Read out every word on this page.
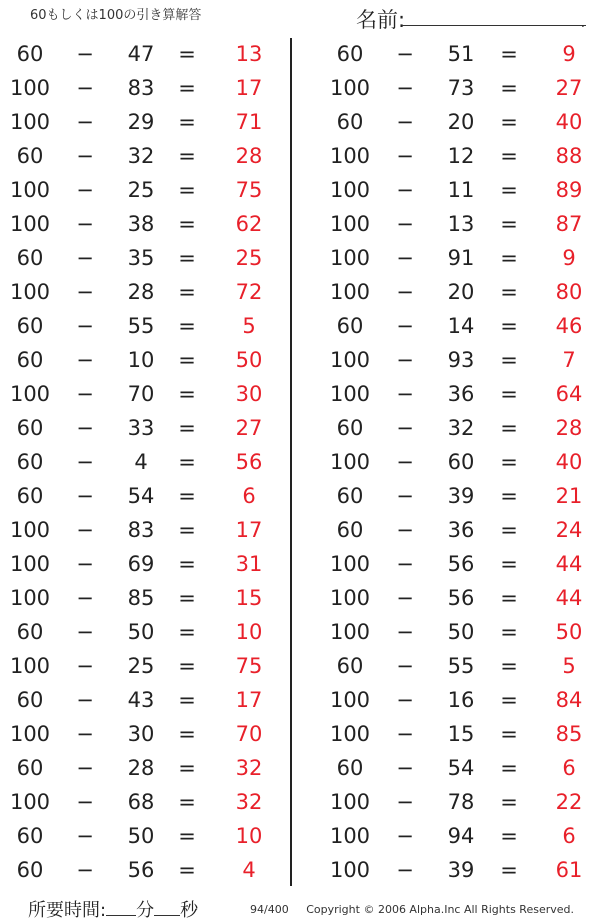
60もしくは100の引き算解答	名前:	.
60	−	47	=	13
100	−	83	=	17
100	−	29	=	71
60	−	32	=	28
100	−	25	=	75
100	−	38	=	62
60	−	35	=	25
100	−	28	=	72
60	−	55	=	5
60	−	10	=	50
100	−	70	=	30
60	−	33	=	27
60	−	4	=	56
60	−	54	=	6
100	−	83	=	17
100	−	69	=	31
100	−	85	=	15
60	−	50	=	10
100	−	25	=	75
60	−	43	=	17
100	−	30	=	70
60	−	28	=	32
100	−	68	=	32
60	−	50	=	10
60	−	56	=	4
60	−	51	=	9
100	−	73	=	27
60	−	20	=	40
100	−	12	=	88
100	−	11	=	89
100	−	13	=	87
100	−	91	=	9
100	−	20	=	80
60	−	14	=	46
100	−	93	=	7
100	−	36	=	64
60	−	32	=	28
100	−	60	=	40
60	−	39	=	21
60	−	36	=	24
100	−	56	=	44
100	−	56	=	44
100	−	50	=	50
60	−	55	=	5
100	−	16	=	84
100	−	15	=	85
60	−	54	=	6
100	−	78	=	22
100	−	94	=	6
100	−	39	=	61
所要時間: 分 秒	94/400 Copyright © 2006 Alpha.Inc All Rights Reserved.
